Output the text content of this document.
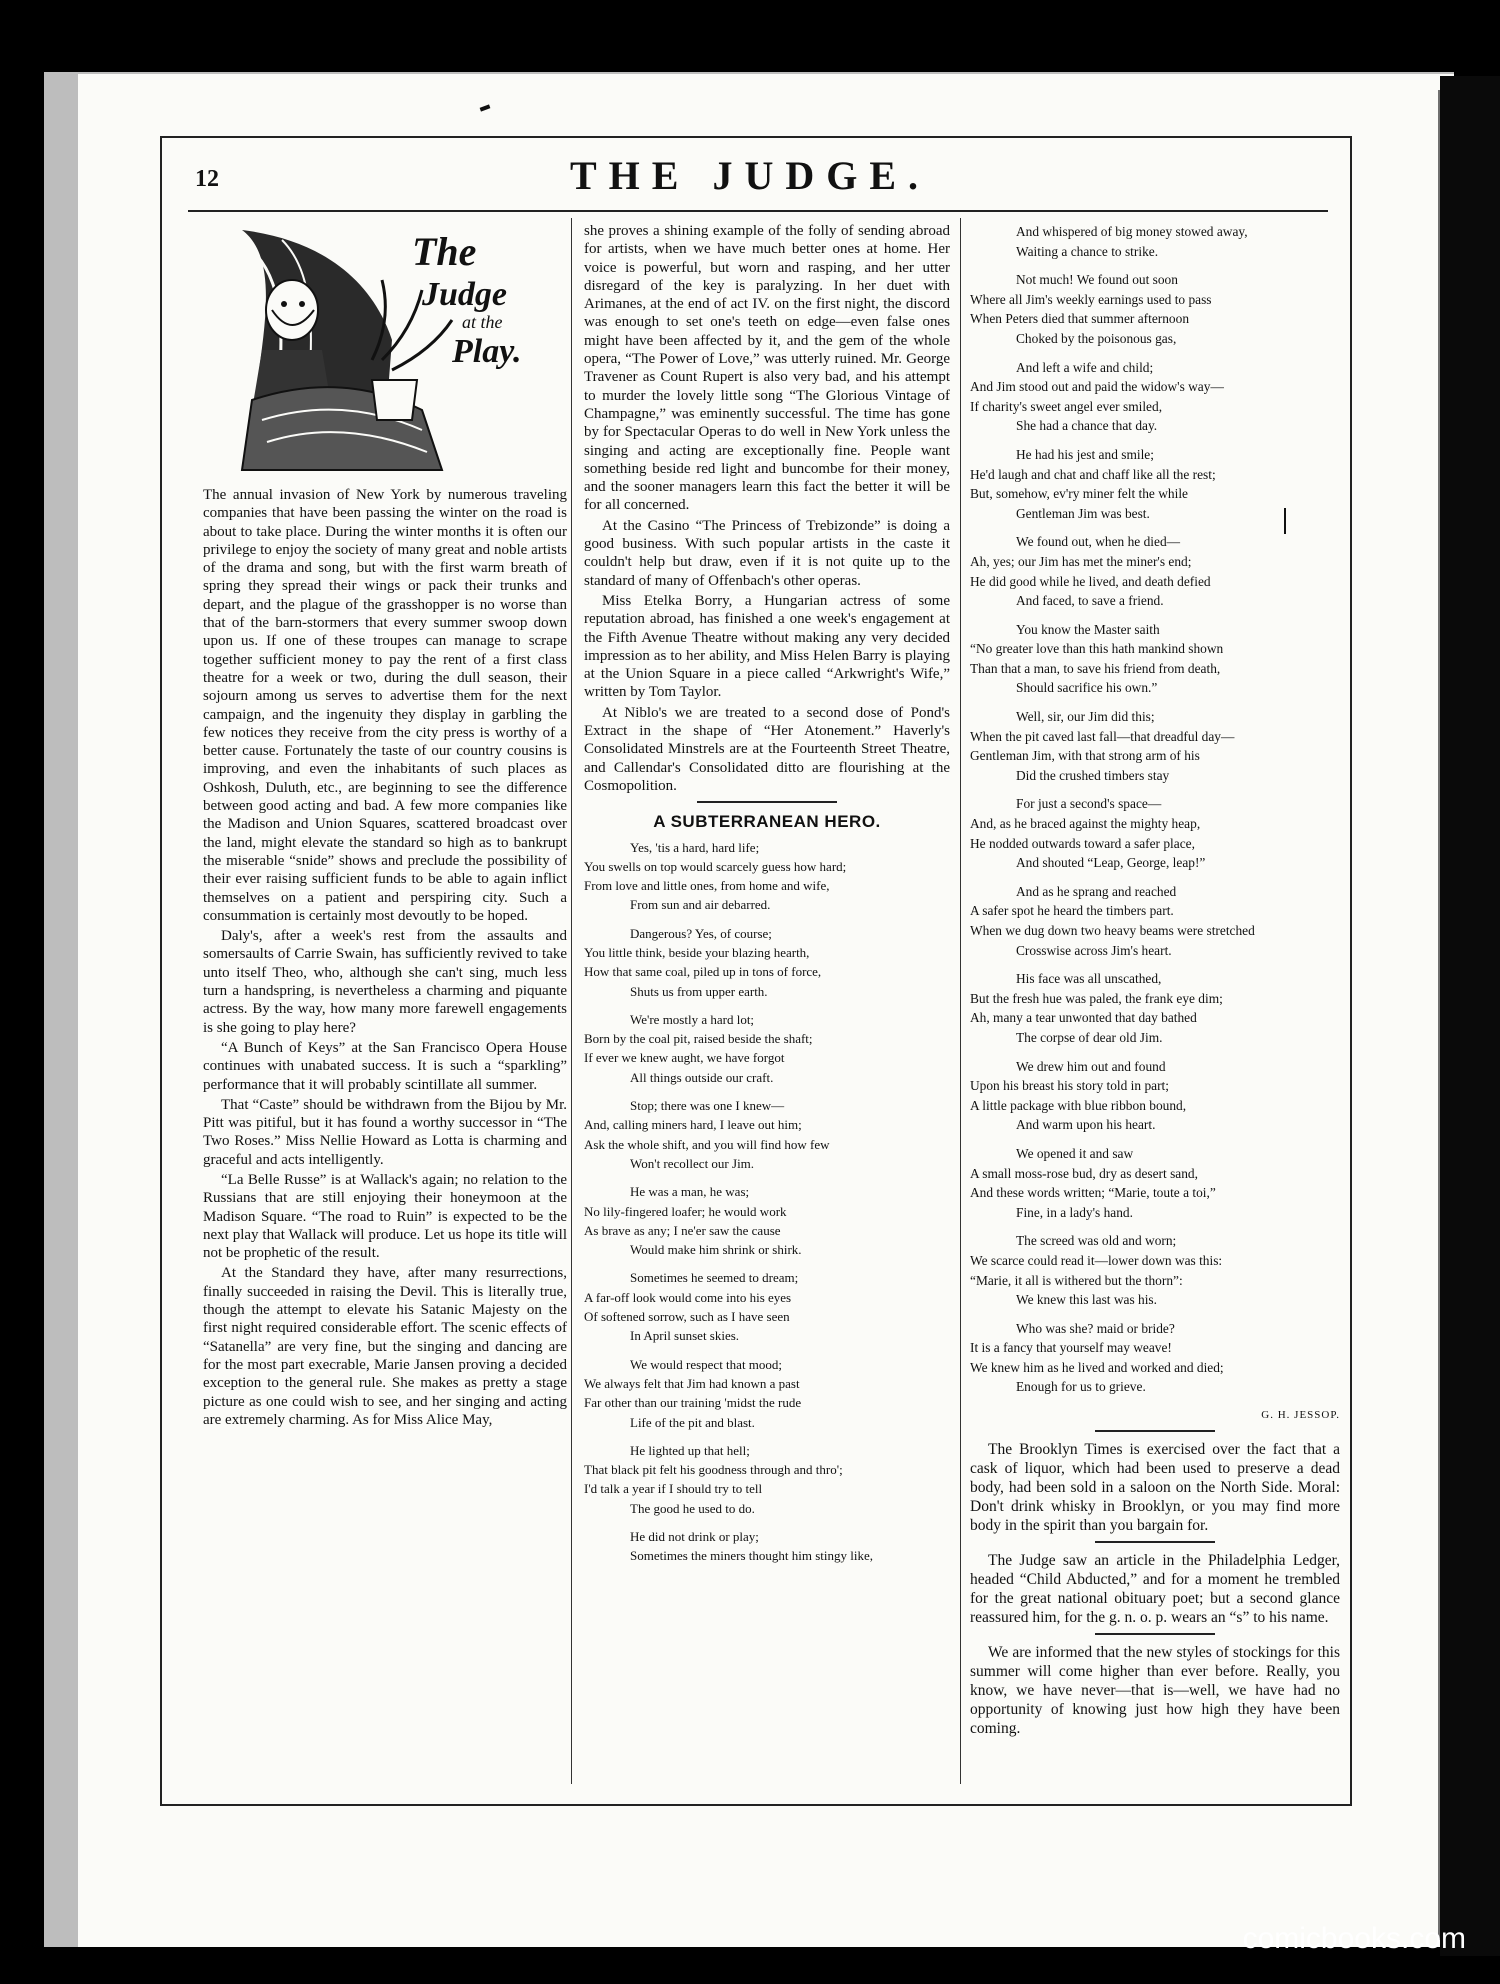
12	THE JUDGE.
The
Judge
at the
Play.

The annual invasion of New York by numerous traveling companies that have been passing the winter on the road is about to take place. During the winter months it is often our privilege to enjoy the society of many great and noble artists of the drama and song, but with the first warm breath of spring they spread their wings or pack their trunks and depart, and the plague of the grasshopper is no worse than that of the barn-stormers that every summer swoop down upon us. If one of these troupes can manage to scrape together sufficient money to pay the rent of a first class theatre for a week or two, during the dull season, their sojourn among us serves to advertise them for the next campaign, and the ingenuity they display in garbling the few notices they receive from the city press is worthy of a better cause. Fortunately the taste of our country cousins is improving, and even the inhabitants of such places as Oshkosh, Duluth, etc., are beginning to see the difference between good acting and bad. A few more companies like the Madison and Union Squares, scattered broadcast over the land, might elevate the standard so high as to bankrupt the miserable “snide” shows and preclude the possibility of their ever raising sufficient funds to be able to again inflict themselves on a patient and perspiring city. Such a consummation is certainly most devoutly to be hoped.

Daly's, after a week's rest from the assaults and somersaults of Carrie Swain, has sufficiently revived to take unto itself Theo, who, although she can't sing, much less turn a handspring, is nevertheless a charming and piquante actress. By the way, how many more farewell engagements is she going to play here?

“A Bunch of Keys” at the San Francisco Opera House continues with unabated success. It is such a “sparkling” performance that it will probably scintillate all summer.

That “Caste” should be withdrawn from the Bijou by Mr. Pitt was pitiful, but it has found a worthy successor in “The Two Roses.” Miss Nellie Howard as Lotta is charming and graceful and acts intelligently.

“La Belle Russe” is at Wallack's again; no relation to the Russians that are still enjoying their honeymoon at the Madison Square. “The road to Ruin” is expected to be the next play that Wallack will produce. Let us hope its title will not be prophetic of the result.

At the Standard they have, after many resurrections, finally succeeded in raising the Devil. This is literally true, though the attempt to elevate his Satanic Majesty on the first night required considerable effort. The scenic effects of “Satanella” are very fine, but the singing and dancing are for the most part execrable, Marie Jansen proving a decided exception to the general rule. She makes as pretty a stage picture as one could wish to see, and her singing and acting are extremely charming. As for Miss Alice May,

she proves a shining example of the folly of sending abroad for artists, when we have much better ones at home. Her voice is powerful, but worn and rasping, and her utter disregard of the key is paralyzing. In her duet with Arimanes, at the end of act IV. on the first night, the discord was enough to set one's teeth on edge—even false ones might have been affected by it, and the gem of the whole opera, “The Power of Love,” was utterly ruined. Mr. George Travener as Count Rupert is also very bad, and his attempt to murder the lovely little song “The Glorious Vintage of Champagne,” was eminently successful. The time has gone by for Spectacular Operas to do well in New York unless the singing and acting are exceptionally fine. People want something beside red light and buncombe for their money, and the sooner managers learn this fact the better it will be for all concerned.

At the Casino “The Princess of Trebizonde” is doing a good business. With such popular artists in the caste it couldn't help but draw, even if it is not quite up to the standard of many of Offenbach's other operas.

Miss Etelka Borry, a Hungarian actress of some reputation abroad, has finished a one week's engagement at the Fifth Avenue Theatre without making any very decided impression as to her ability, and Miss Helen Barry is playing at the Union Square in a piece called “Arkwright's Wife,” written by Tom Taylor.

At Niblo's we are treated to a second dose of Pond's Extract in the shape of “Her Atonement.” Haverly's Consolidated Minstrels are at the Fourteenth Street Theatre, and Callendar's Consolidated ditto are flourishing at the Cosmopolition.

A SUBTERRANEAN HERO.
Yes, 'tis a hard, hard life;
You swells on top would scarcely guess how hard;
From love and little ones, from home and wife,
From sun and air debarred.
Dangerous? Yes, of course;
You little think, beside your blazing hearth,
How that same coal, piled up in tons of force,
Shuts us from upper earth.
We're mostly a hard lot;
Born by the coal pit, raised beside the shaft;
If ever we knew aught, we have forgot
All things outside our craft.
Stop; there was one I knew—
And, calling miners hard, I leave out him;
Ask the whole shift, and you will find how few
Won't recollect our Jim.
He was a man, he was;
No lily-fingered loafer; he would work
As brave as any; I ne'er saw the cause
Would make him shrink or shirk.
Sometimes he seemed to dream;
A far-off look would come into his eyes
Of softened sorrow, such as I have seen
In April sunset skies.
We would respect that mood;
We always felt that Jim had known a past
Far other than our training 'midst the rude
Life of the pit and blast.
He lighted up that hell;
That black pit felt his goodness through and thro';
I'd talk a year if I should try to tell
The good he used to do.
He did not drink or play;
Sometimes the miners thought him stingy like,
And whispered of big money stowed away,
Waiting a chance to strike.
Not much! We found out soon
Where all Jim's weekly earnings used to pass
When Peters died that summer afternoon
Choked by the poisonous gas,
And left a wife and child;
And Jim stood out and paid the widow's way—
If charity's sweet angel ever smiled,
She had a chance that day.
He had his jest and smile;
He'd laugh and chat and chaff like all the rest;
But, somehow, ev'ry miner felt the while
Gentleman Jim was best.
We found out, when he died—
Ah, yes; our Jim has met the miner's end;
He did good while he lived, and death defied
And faced, to save a friend.
You know the Master saith
“No greater love than this hath mankind shown
Than that a man, to save his friend from death,
Should sacrifice his own.”
Well, sir, our Jim did this;
When the pit caved last fall—that dreadful day—
Gentleman Jim, with that strong arm of his
Did the crushed timbers stay
For just a second's space—
And, as he braced against the mighty heap,
He nodded outwards toward a safer place,
And shouted “Leap, George, leap!”
And as he sprang and reached
A safer spot he heard the timbers part.
When we dug down two heavy beams were stretched
Crosswise across Jim's heart.
His face was all unscathed,
But the fresh hue was paled, the frank eye dim;
Ah, many a tear unwonted that day bathed
The corpse of dear old Jim.
We drew him out and found
Upon his breast his story told in part;
A little package with blue ribbon bound,
And warm upon his heart.
We opened it and saw
A small moss-rose bud, dry as desert sand,
And these words written; “Marie, toute a toi,”
Fine, in a lady's hand.
The screed was old and worn;
We scarce could read it—lower down was this:
“Marie, it all is withered but the thorn”:
We knew this last was his.
Who was she? maid or bride?
It is a fancy that yourself may weave!
We knew him as he lived and worked and died;
Enough for us to grieve.
G. H. JESSOP.

The Brooklyn Times is exercised over the fact that a cask of liquor, which had been used to preserve a dead body, had been sold in a saloon on the North Side. Moral: Don't drink whisky in Brooklyn, or you may find more body in the spirit than you bargain for.

The Judge saw an article in the Philadelphia Ledger, headed “Child Abducted,” and for a moment he trembled for the great national obituary poet; but a second glance reassured him, for the g. n. o. p. wears an “s” to his name.

We are informed that the new styles of stockings for this summer will come higher than ever before. Really, you know, we have never—that is—well, we have had no opportunity of knowing just how high they have been coming.

comicbooks.com
